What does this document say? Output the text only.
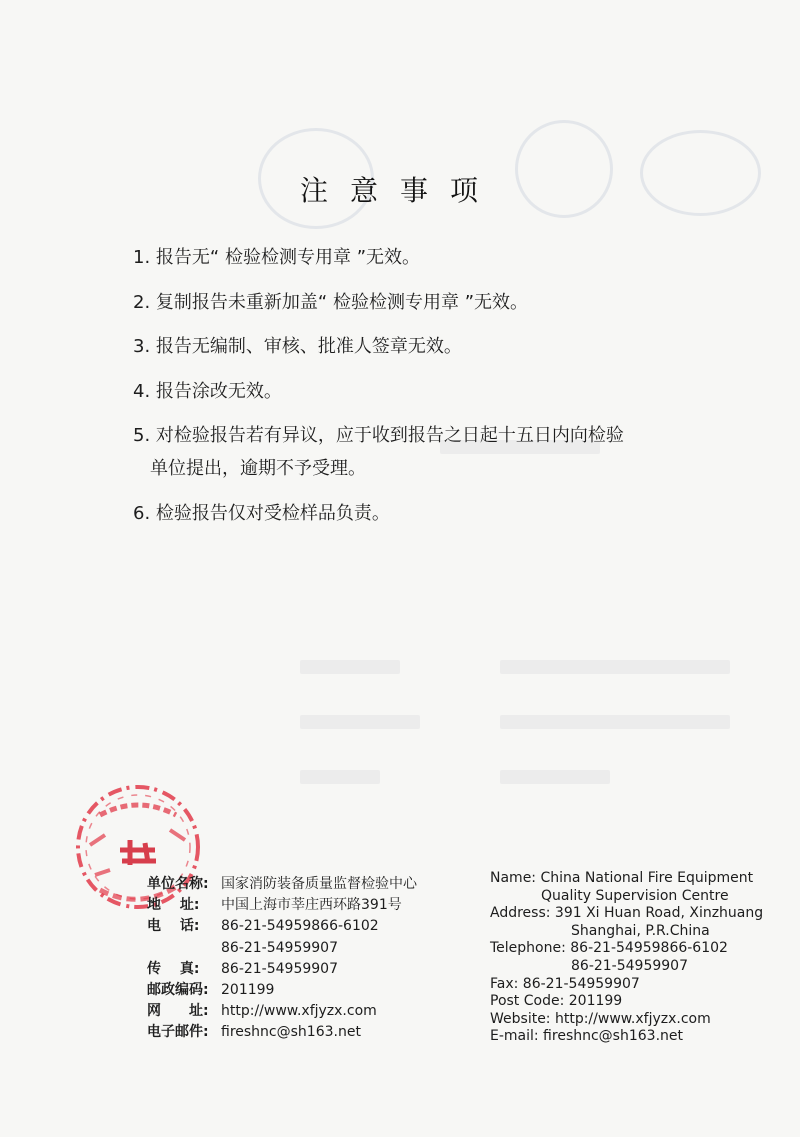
注意事项
1. 报告无“ 检验检测专用章 ”无效。
2. 复制报告未重新加盖“ 检验检测专用章 ”无效。
3. 报告无编制、审核、批准人签章无效。
4. 报告涂改无效。
5. 对检验报告若有异议，应于收到报告之日起十五日内向检验
单位提出，逾期不予受理。
6. 检验报告仅对受检样品负责。
单位名称: 国家消防装备质量监督检验中心
地　 址:	中国上海市莘庄西环路391号
电　 话:	86-21-54959866-6102
86-21-54959907
传　 真:	86-21-54959907
邮政编码: 201199
网　　址: http://www.xfjyzx.com
电子邮件: fireshnc@sh163.net
Name: China National Fire Equipment
Quality Supervision Centre
Address: 391 Xi Huan Road, Xinzhuang
Shanghai, P.R.China
Telephone: 86-21-54959866-6102
86-21-54959907
Fax: 86-21-54959907
Post Code: 201199
Website: http://www.xfjyzx.com
E-mail: fireshnc@sh163.net
